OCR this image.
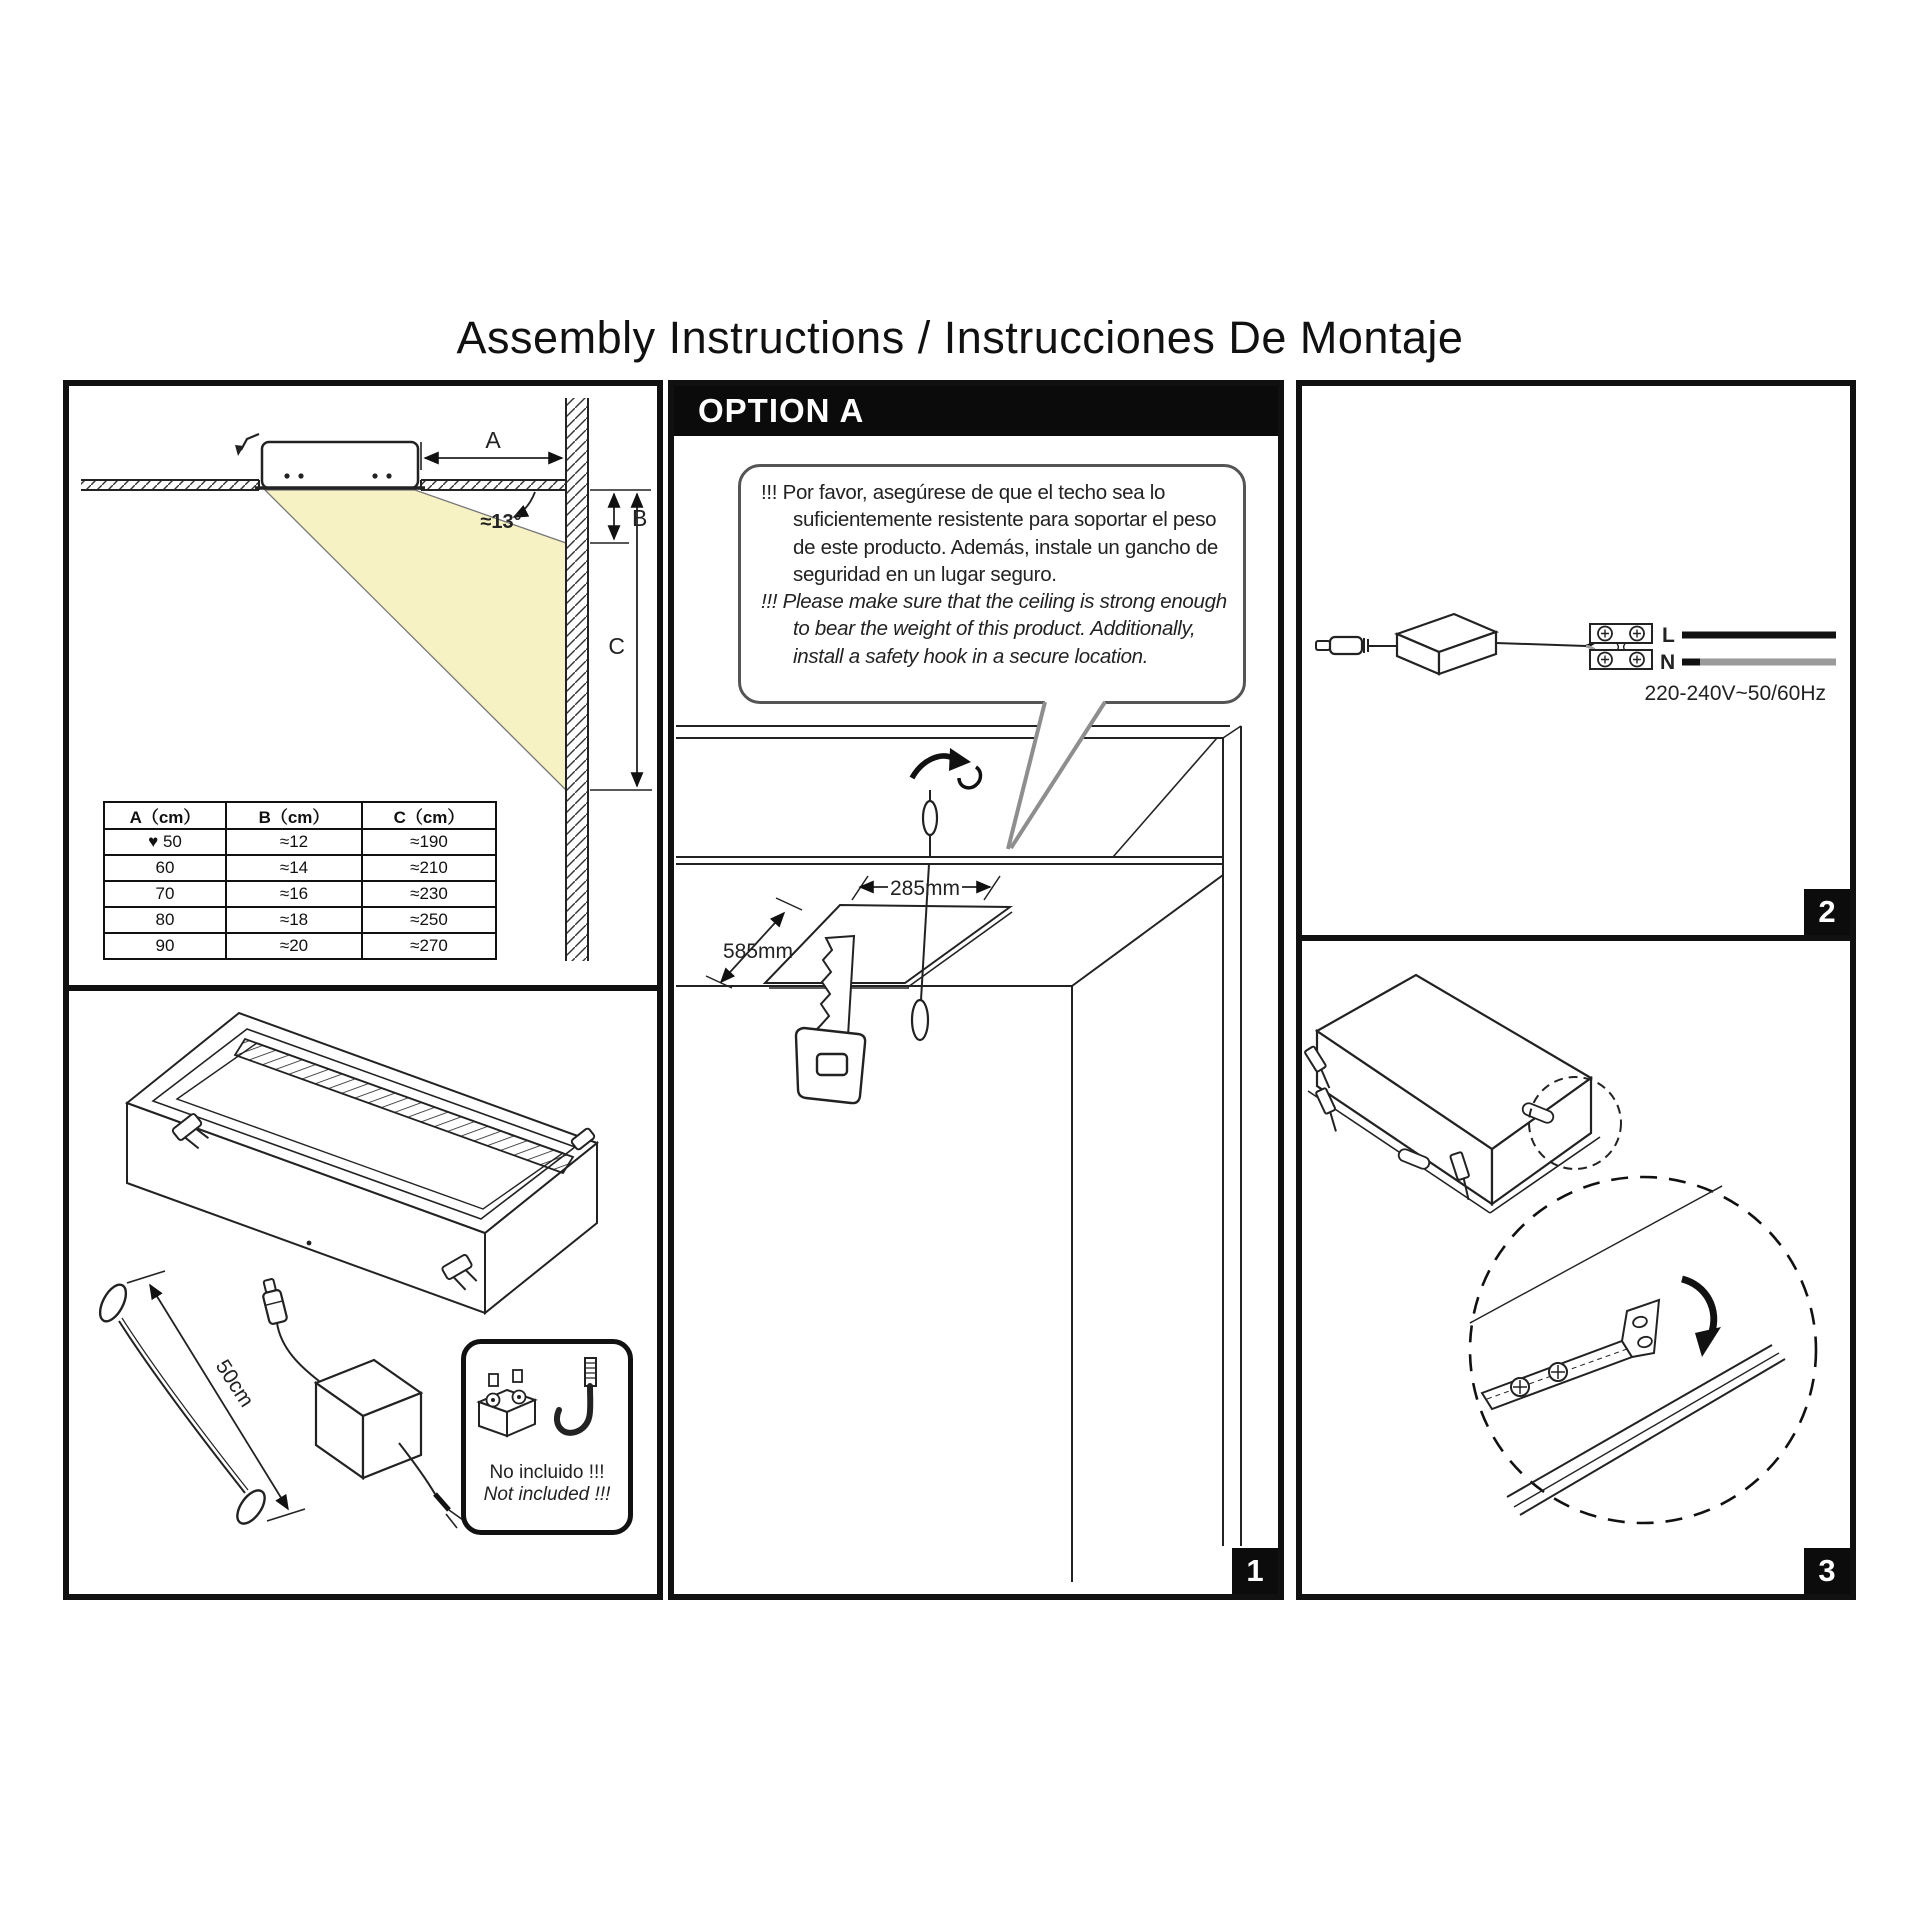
Assembly Instructions / Instrucciones De Montaje
A
≈13°	B
C
A（cm）	B（cm）	C（cm）
♥ 50	≈12	≈190
60	≈14	≈210
70	≈16	≈230
80	≈18	≈250
90	≈20	≈270
50cm
No incluido !!!
Not included !!!
OPTION A

!!! Por favor, asegúrese de que el techo sea lo suficientemente resistente para soportar el peso de este producto. Además, instale un gancho de seguridad en un lugar seguro.

!!! Please make sure that the ceiling is strong enough to bear the weight of this product. Additionally, install a safety hook in a secure location.

285mm
585mm
1
L
N
220-240V~50/60Hz
2
3
